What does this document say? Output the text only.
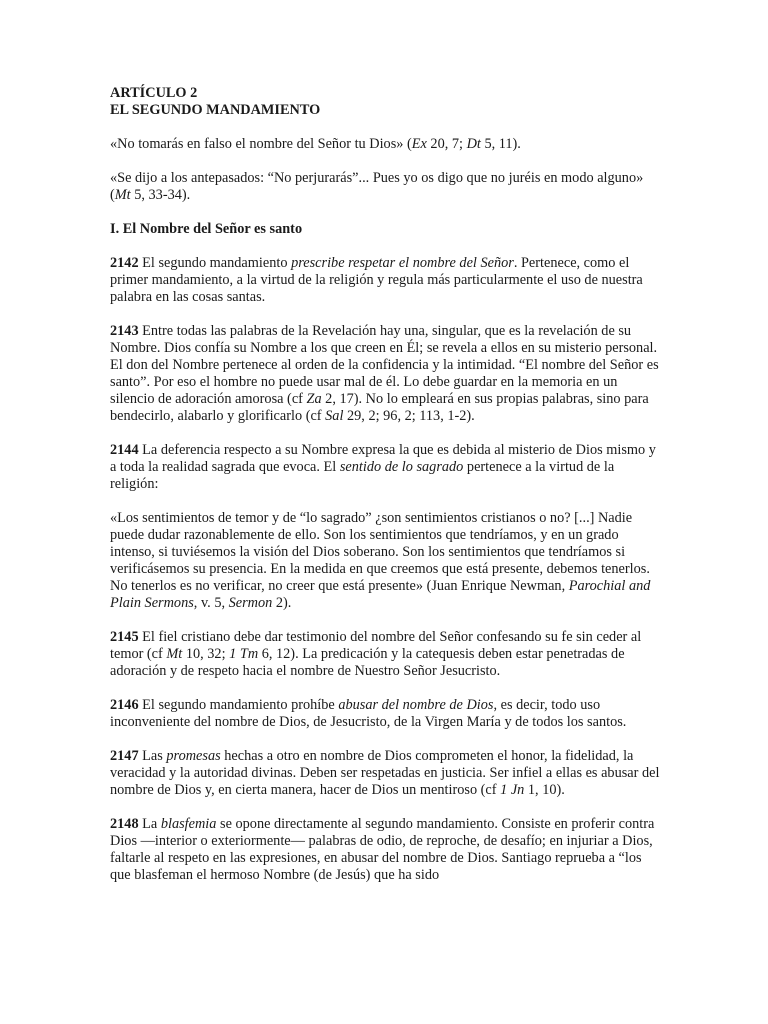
ARTÍCULO 2
EL SEGUNDO MANDAMIENTO

«No tomarás en falso el nombre del Señor tu Dios» (Ex 20, 7; Dt 5, 11).

«Se dijo a los antepasados: “No perjurarás”... Pues yo os digo que no juréis en modo alguno» (Mt 5, 33-34).

I. El Nombre del Señor es santo

2142 El segundo mandamiento prescribe respetar el nombre del Señor. Pertenece, como el primer mandamiento, a la virtud de la religión y regula más particularmente el uso de nuestra palabra en las cosas santas.

2143 Entre todas las palabras de la Revelación hay una, singular, que es la revelación de su Nombre. Dios confía su Nombre a los que creen en Él; se revela a ellos en su misterio personal. El don del Nombre pertenece al orden de la confidencia y la intimidad. “El nombre del Señor es santo”. Por eso el hombre no puede usar mal de él. Lo debe guardar en la memoria en un silencio de adoración amorosa (cf Za 2, 17). No lo empleará en sus propias palabras, sino para bendecirlo, alabarlo y glorificarlo (cf Sal 29, 2; 96, 2; 113, 1-2).

2144 La deferencia respecto a su Nombre expresa la que es debida al misterio de Dios mismo y a toda la realidad sagrada que evoca. El sentido de lo sagrado pertenece a la virtud de la religión:

«Los sentimientos de temor y de “lo sagrado” ¿son sentimientos cristianos o no? [...] Nadie puede dudar razonablemente de ello. Son los sentimientos que tendríamos, y en un grado intenso, si tuviésemos la visión del Dios soberano. Son los sentimientos que tendríamos si verificásemos su presencia. En la medida en que creemos que está presente, debemos tenerlos. No tenerlos es no verificar, no creer que está presente» (Juan Enrique Newman, Parochial and Plain Sermons, v. 5, Sermon 2).

2145 El fiel cristiano debe dar testimonio del nombre del Señor confesando su fe sin ceder al temor (cf Mt 10, 32; 1 Tm 6, 12). La predicación y la catequesis deben estar penetradas de adoración y de respeto hacia el nombre de Nuestro Señor Jesucristo.

2146 El segundo mandamiento prohíbe abusar del nombre de Dios, es decir, todo uso inconveniente del nombre de Dios, de Jesucristo, de la Virgen María y de todos los santos.

2147 Las promesas hechas a otro en nombre de Dios comprometen el honor, la fidelidad, la veracidad y la autoridad divinas. Deben ser respetadas en justicia. Ser infiel a ellas es abusar del nombre de Dios y, en cierta manera, hacer de Dios un mentiroso (cf 1 Jn 1, 10).

2148 La blasfemia se opone directamente al segundo mandamiento. Consiste en proferir contra Dios —interior o exteriormente— palabras de odio, de reproche, de desafío; en injuriar a Dios, faltarle al respeto en las expresiones, en abusar del nombre de Dios. Santiago reprueba a “los que blasfeman el hermoso Nombre (de Jesús) que ha sido
